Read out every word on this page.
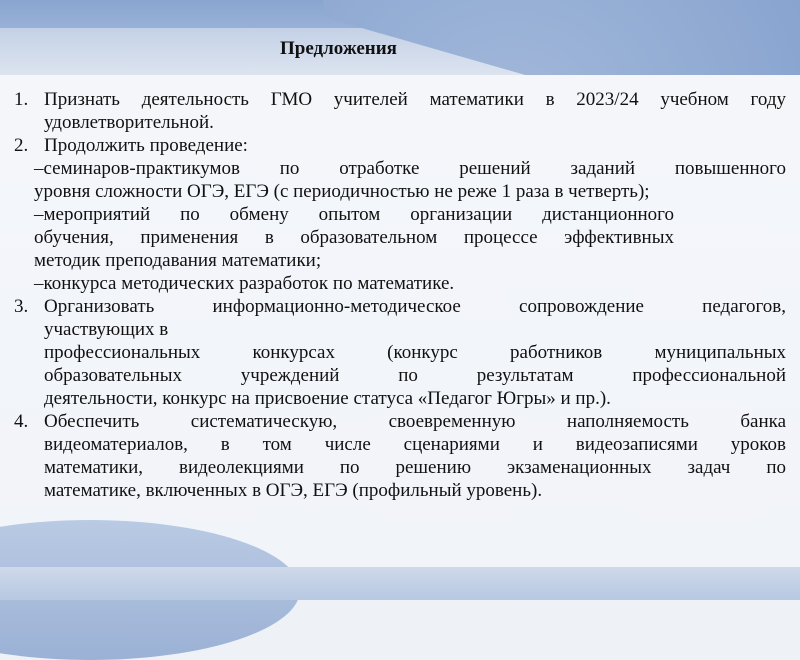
Предложения
1. Признать деятельность ГМО учителей математики в 2023/24 учебном году
удовлетворительной.
2. Продолжить проведение:
–семинаров-практикумов по отработке решений заданий повышенного
уровня сложности ОГЭ, ЕГЭ (с периодичностью не реже 1 раза в четверть);
–мероприятий по обмену опытом организации дистанционного
обучения, применения в образовательном процессе эффективных
методик преподавания математики;
–конкурса методических разработок по математике.
3. Организовать информационно-методическое сопровождение педагогов,
участвующих в
профессиональных конкурсах (конкурс работников муниципальных
образовательных учреждений по результатам профессиональной
деятельности, конкурс на присвоение статуса «Педагог Югры» и пр.).
4. Обеспечить систематическую, своевременную наполняемость банка
видеоматериалов, в том числе сценариями и видеозаписями уроков
математики, видеолекциями по решению экзаменационных задач по
математике, включенных в ОГЭ, ЕГЭ (профильный уровень).
